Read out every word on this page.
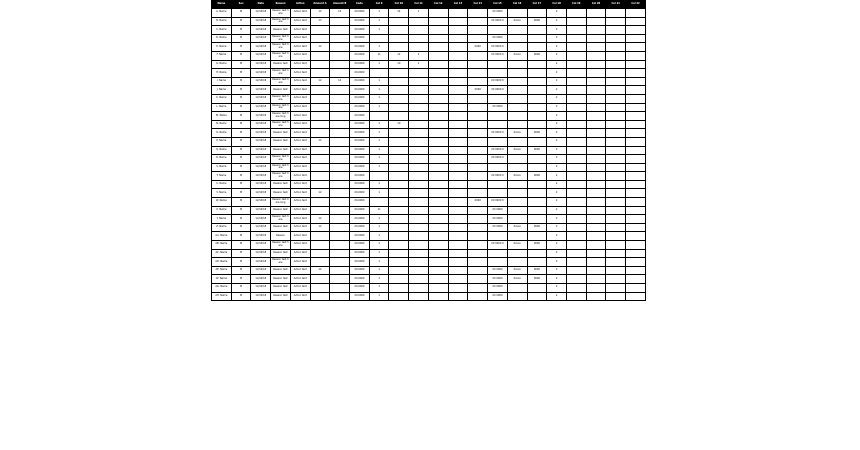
Name	Sex	Date	Reason	Action	Amount A	Amount B	Code	Col 9	Col 10	Col 11	Col 12	Col 13	Col 14	Col 15	Col 16	Col 17	Col 18	Col 19	Col 20	Col 21	Col 22
A. Name	M	12/10/18	Reason text here	Action text	12	14	XX-0000	1	14	1				XX 0000			2				
B. Name	M	12/10/18	Reason text here	Action text	13		XX-0000	1						XX 0000 0	Xxxxx	0000	2				
C. Name	M	12/10/18	Reason text	Action text			XX-0000	1									2				
D. Name	M	12/10/18	Reason text here	Action text			XX-0000							XX 0000			2				
E. Name	M	12/10/18	Reason text here	Action text	12		XX-0000	1					XX00	XX 0000 0			2				
F. Name	M	12/10/18	Reason text here	Action text			XX-0000	11	12	1				XX 0000 0	Xxxxx	0000	2				
G. Name	M	12/10/18	Reason text	Action text			XX-0000	1	10	1							2				
H. Name	M	12/10/18	Reason text here	Action text			XX-0000										2				
I. Name	M	12/10/18	Reason text here	Action text	12	14	XX-0000	1						XX 0000 0			2				
J. Name	M	12/10/18	Reason text	Action text			XX-0000	1					XX00	XX 0000 0			2				
K. Name	M	12/10/18	Reason text here	Action text			XX-0000	1									2				
L. Name	M	12/10/18	Reason text here	Action text			XX-0000	1						XX 0000			2				
M. Name	M	12/10/18	Reason text here long	Action text			XX-0000										2				
N. Name	M	12/10/18	Reason text here	Action text			XX-0000	1	10								2				
O. Name	M	12/10/18	Reason text	Action text			XX-0000	1						XX 0000 0	Xxxxx	0000	2				
P. Name	M	12/10/18	Reason text	Action text	12		XX-0000	1									2				
Q. Name	M	12/10/18	Reason text	Action text			XX-0000	1						XX 0000 0	Xxxxx	0000	2				
R. Name	M	12/10/18	Reason text here	Action text			XX-0000	1						XX 0000 0			2				
S. Name	M	12/10/18	Reason text here	Action text			XX-0000	1									2				
T. Name	M	12/10/18	Reason text here	Action text			XX-0000							XX 0000 0	Xxxxx	0000	2				
U. Name	M	12/10/18	Reason text	Action text			XX-0000	1									2				
V. Name	M	12/10/18	Reason text	Action text	12		XX-0000	1									2				
W. Name	M	12/10/18	Reason text here long	Action text			XX-0000						XX00	XX 0000 0			2				
X. Name	M	12/10/18	Reason text	Action text			XX-0000	11						XX 0000			2				
Y. Name	M	12/10/18	Reason text here	Action text	12		XX-0000	1						XX 0000			2				
Z. Name	M	12/10/18	Reason text	Action text	12		XX-0000	1						XX 0000	Xxxxx	0000	2				
AA. Name	M	12/10/18	Reason	Action text			XX-0000	1									2				
AB. Name	M	12/10/18	Reason text here	Action text			XX-0000	1						XX 0000 0	Xxxxx	0000	2				
AC. Name	M	12/10/18	Reason text	Action text			XX-0000	1									2				
AD. Name	M	12/10/18	Reason text here	Action text			XX-0000	1									2				
AE. Name	M	12/10/18	Reason text	Action text	12		XX-0000	1						XX 0000	Xxxxx	0000	2				
AF. Name	M	12/10/18	Reason text	Action text			XX-0000	1						XX 0000	Xxxxx	0000	2				
AG. Name	M	12/10/18	Reason text	Action text			XX-0000	1						XX 0000			2				
AH. Name	M	12/10/18	Reason text	Action text			XX-0000	1						XX 0000			2				
